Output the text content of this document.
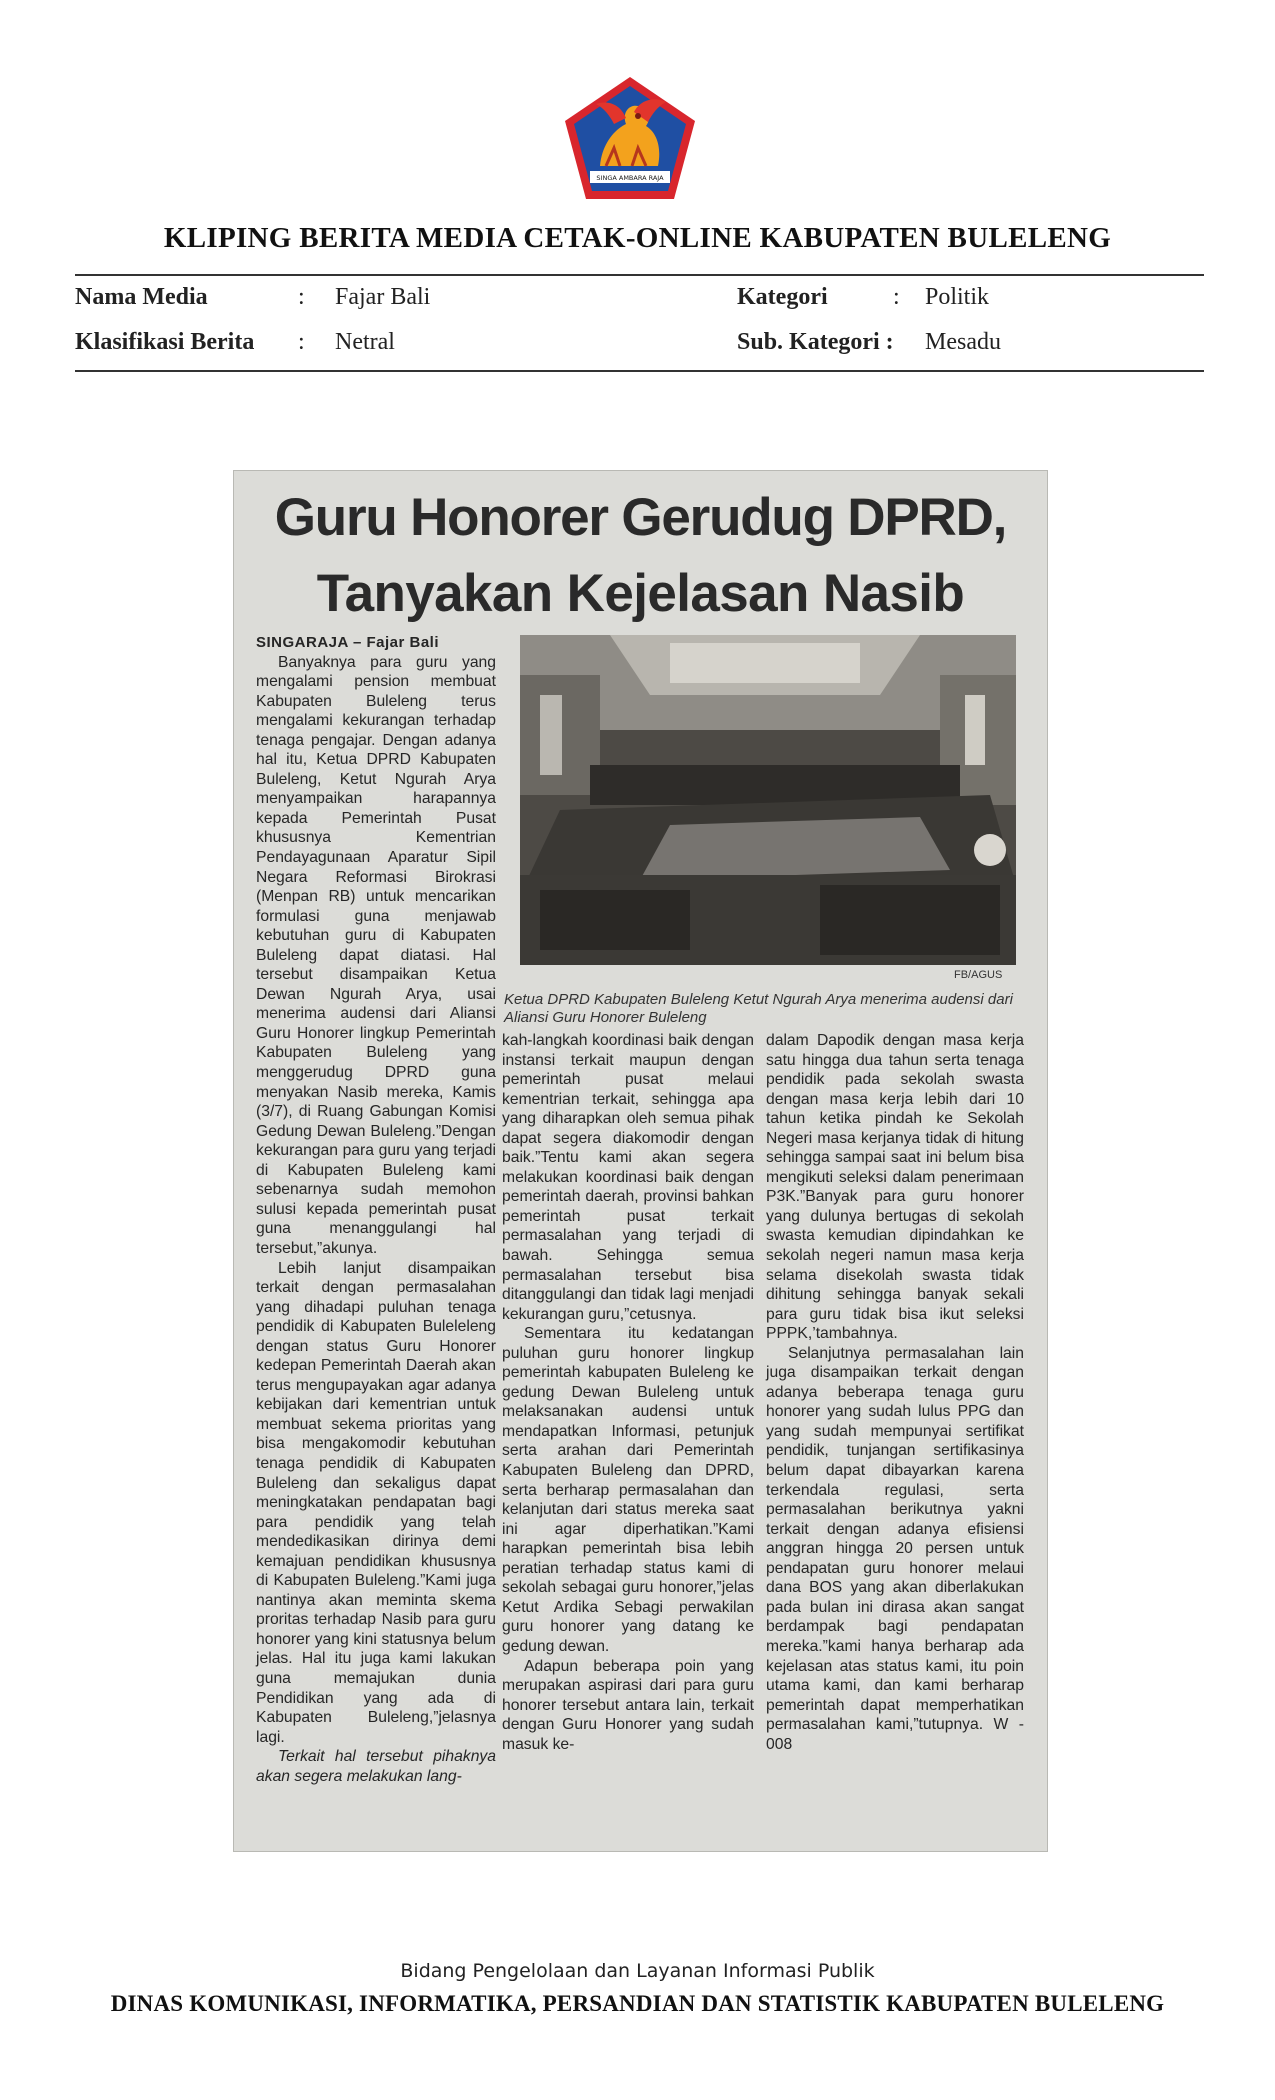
SINGA AMBARA RAJA
KLIPING BERITA MEDIA CETAK-ONLINE KABUPATEN BULELENG
Nama Media	: Fajar Bali	Kategori	: Politik
Klasifikasi Berita : Netral	Sub. Kategori : Mesadu
Guru Honorer Gerudug DPRD,
Tanyakan Kejelasan Nasib

SINGARAJA – Fajar Bali

Banyaknya para guru yang mengalami pension membuat Kabupaten Buleleng terus mengalami kekurangan terhadap tenaga pengajar. Dengan adanya hal itu, Ketua DPRD Kabupaten Buleleng, Ketut Ngurah Arya menyampaikan harapannya kepada Pemerintah Pusat khususnya Kementrian Pendayagunaan Aparatur Sipil Negara Reformasi Birokrasi (Menpan RB) untuk mencarikan formulasi guna menjawab kebutuhan guru di Kabupaten Buleleng dapat diatasi. Hal tersebut disampaikan Ketua Dewan Ngurah Arya, usai menerima audensi dari Aliansi Guru Honorer lingkup Pemerintah Kabupaten Buleleng yang menggerudug DPRD guna menyakan Nasib mereka, Kamis (3/7), di Ruang Gabungan Komisi Gedung Dewan Buleleng.”Dengan kekurangan para guru yang terjadi di Kabupaten Buleleng kami sebenarnya sudah memohon sulusi kepada pemerintah pusat guna menanggulangi hal tersebut,”akunya.

Lebih lanjut disampaikan terkait dengan permasalahan yang dihadapi puluhan tenaga pendidik di Kabupaten Buleleleng dengan status Guru Honorer kedepan Pemerintah Daerah akan terus mengupayakan agar adanya kebijakan dari kementrian untuk membuat sekema prioritas yang bisa mengakomodir kebutuhan tenaga pendidik di Kabupaten Buleleng dan sekaligus dapat meningkatakan pendapatan bagi para pendidik yang telah mendedikasikan dirinya demi kemajuan pendidikan khususnya di Kabupaten Buleleng.”Kami juga nantinya akan meminta skema proritas terhadap Nasib para guru honorer yang kini statusnya belum jelas. Hal itu juga kami lakukan guna memajukan dunia Pendidikan yang ada di Kabupaten Buleleng,”jelasnya lagi.

Terkait hal tersebut pihaknya akan segera melakukan lang-

FB/AGUS
Ketua DPRD Kabupaten Buleleng Ketut Ngurah Arya menerima audensi dari Aliansi Guru Honorer Buleleng

kah-langkah koordinasi baik dengan instansi terkait maupun dengan pemerintah pusat melaui kementrian terkait, sehingga apa yang diharapkan oleh semua pihak dapat segera diakomodir dengan baik.”Tentu kami akan segera melakukan koordinasi baik dengan pemerintah daerah, provinsi bahkan pemerintah pusat terkait permasalahan yang terjadi di bawah. Sehingga semua permasalahan tersebut bisa ditanggulangi dan tidak lagi menjadi kekurangan guru,”cetusnya.

Sementara itu kedatangan puluhan guru honorer lingkup pemerintah kabupaten Buleleng ke gedung Dewan Buleleng untuk melaksanakan audensi untuk mendapatkan Informasi, petunjuk serta arahan dari Pemerintah Kabupaten Buleleng dan DPRD, serta berharap permasalahan dan kelanjutan dari status mereka saat ini agar diperhatikan.”Kami harapkan pemerintah bisa lebih peratian terhadap status kami di sekolah sebagai guru honorer,”jelas Ketut Ardika Sebagi perwakilan guru honorer yang datang ke gedung dewan.

Adapun beberapa poin yang merupakan aspirasi dari para guru honorer tersebut antara lain, terkait dengan Guru Honorer yang sudah masuk ke-

dalam Dapodik dengan masa kerja satu hingga dua tahun serta tenaga pendidik pada sekolah swasta dengan masa kerja lebih dari 10 tahun ketika pindah ke Sekolah Negeri masa kerjanya tidak di hitung sehingga sampai saat ini belum bisa mengikuti seleksi dalam penerimaan P3K.”Banyak para guru honorer yang dulunya bertugas di sekolah swasta kemudian dipindahkan ke sekolah negeri namun masa kerja selama disekolah swasta tidak dihitung sehingga banyak sekali para guru tidak bisa ikut seleksi PPPK,’tambahnya.

Selanjutnya permasalahan lain juga disampaikan terkait dengan adanya beberapa tenaga guru honorer yang sudah lulus PPG dan yang sudah mempunyai sertifikat pendidik, tunjangan sertifikasinya belum dapat dibayarkan karena terkendala regulasi, serta permasalahan berikutnya yakni terkait dengan adanya efisiensi anggran hingga 20 persen untuk pendapatan guru honorer melaui dana BOS yang akan diberlakukan pada bulan ini dirasa akan sangat berdampak bagi pendapatan mereka.”kami hanya berharap ada kejelasan atas status kami, itu poin utama kami, dan kami berharap pemerintah dapat memperhatikan permasalahan kami,”tutupnya. W - 008

Bidang Pengelolaan dan Layanan Informasi Publik
DINAS KOMUNIKASI, INFORMATIKA, PERSANDIAN DAN STATISTIK KABUPATEN BULELENG
